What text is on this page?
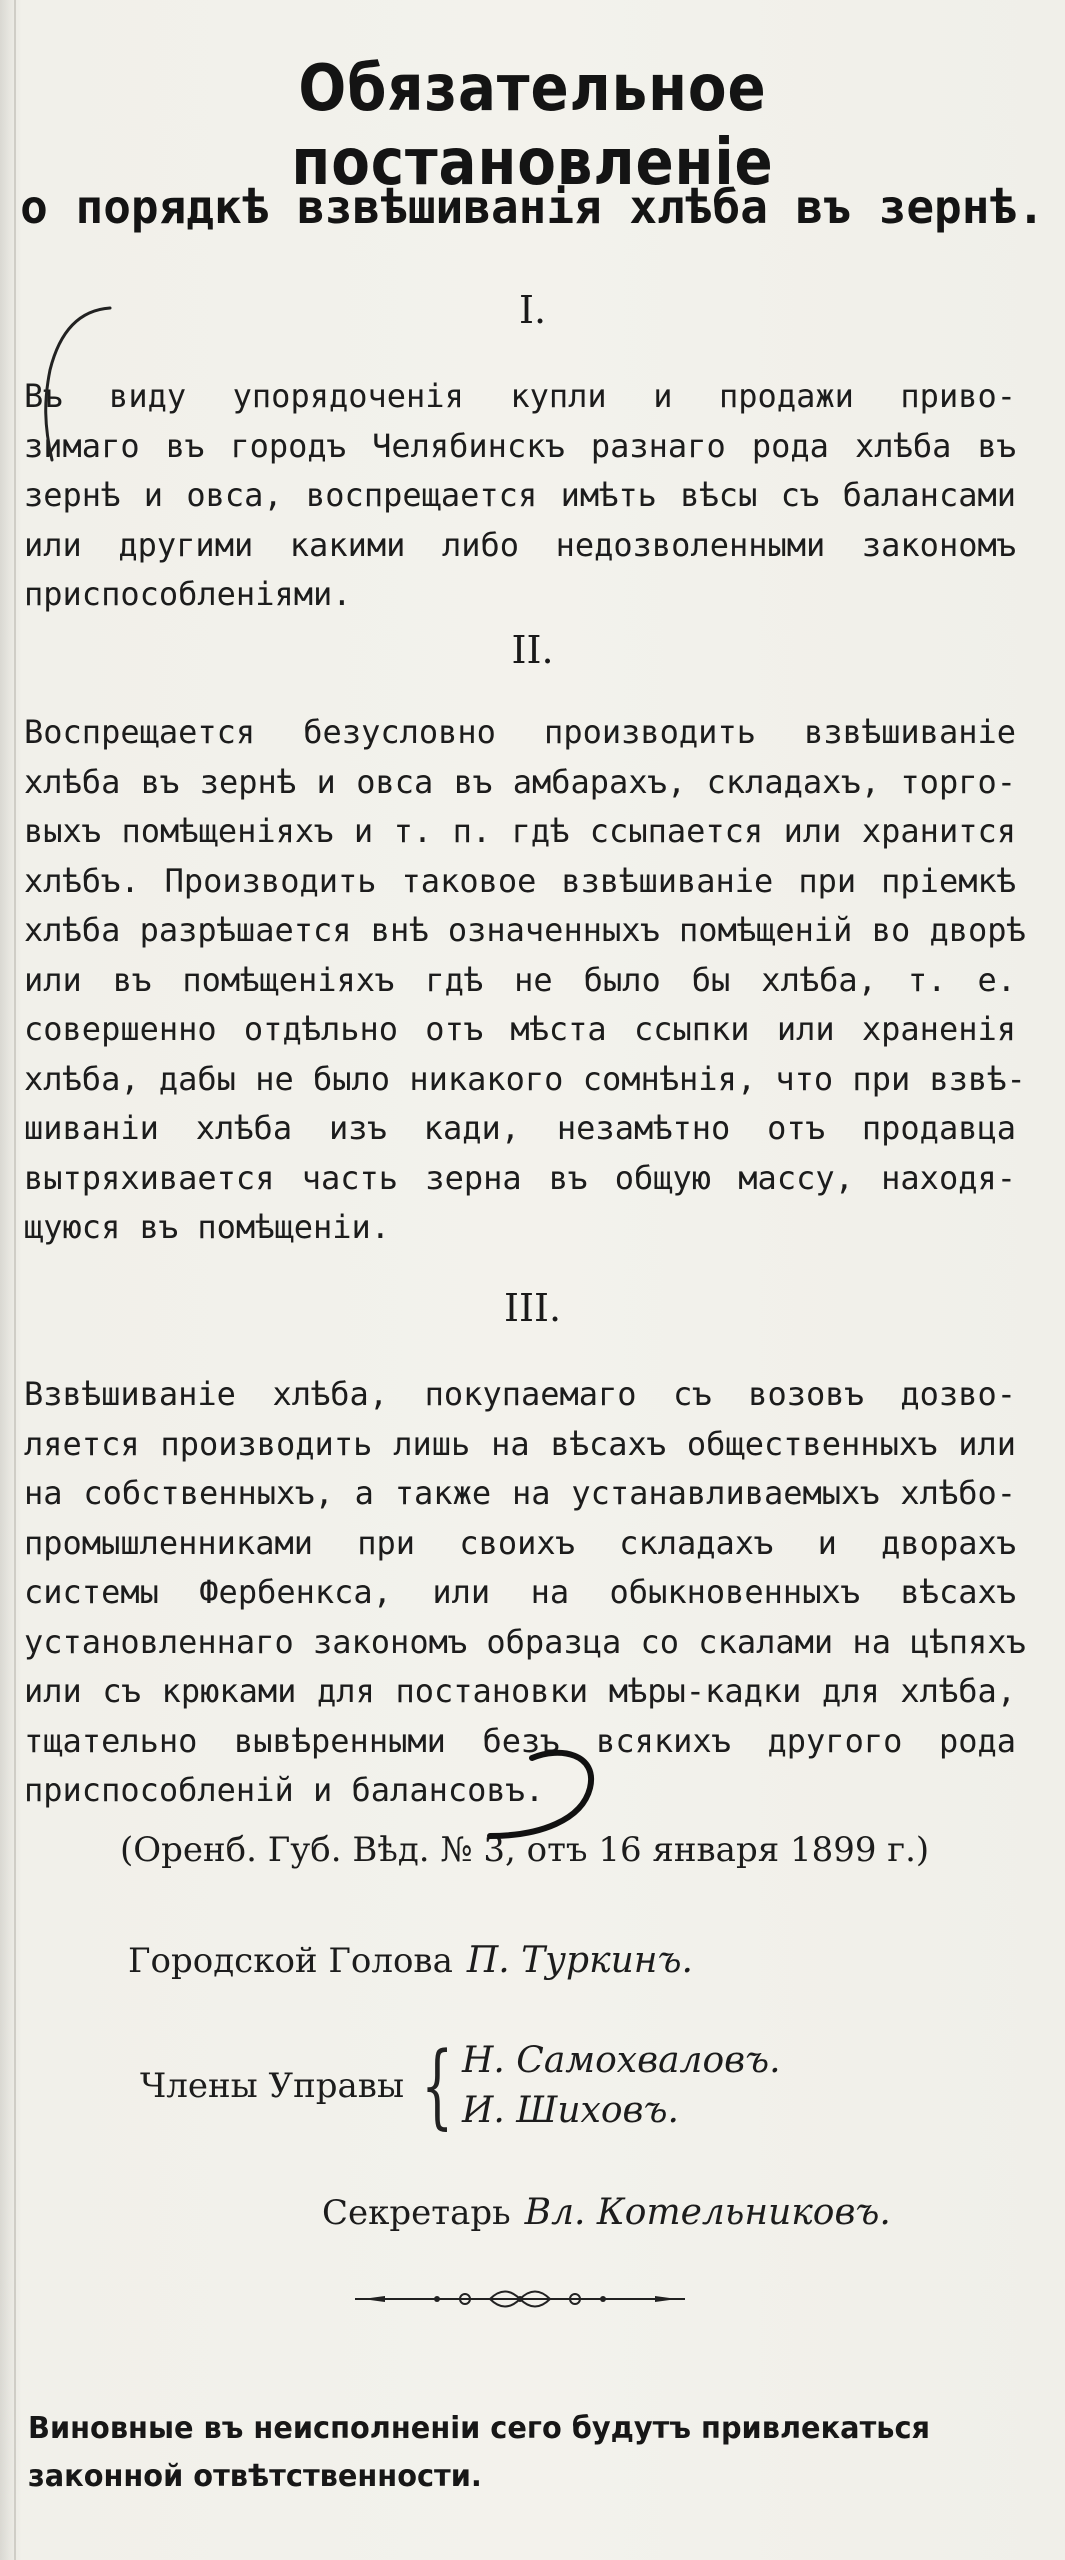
Обязательное постановленiе
о порядкѣ взвѣшиванiя хлѣба въ зернѣ.
I.
Въ виду упорядоченiя купли и продажи приво-
зимаго въ городъ Челябинскъ разнаго рода хлѣба въ
зернѣ и овса, воспрещается имѣть вѣсы съ балансами
или другими какими либо недозволенными закономъ
приспособленiями.
II.
Воспрещается безусловно производить взвѣшиванiе
хлѣба въ зернѣ и овса въ амбарахъ, складахъ, торго-
выхъ помѣщенiяхъ и т. п. гдѣ ссыпается или хранится
хлѣбъ. Производить таковое взвѣшиванiе при прiемкѣ
хлѣба разрѣшается внѣ означенныхъ помѣщенiй во дворѣ
или въ помѣщенiяхъ гдѣ не было бы хлѣба, т. е.
совершенно отдѣльно отъ мѣста ссыпки или храненiя
хлѣба, дабы не было никакого сомнѣнiя, что при взвѣ-
шиванiи хлѣба изъ кади, незамѣтно отъ продавца
вытряхивается часть зерна въ общую массу, находя-
щуюся въ помѣщенiи.
III.
Взвѣшиванiе хлѣба, покупаемаго съ возовъ дозво-
ляется производить лишь на вѣсахъ общественныхъ или
на собственныхъ, а также на устанавливаемыхъ хлѣбо-
промышленниками при своихъ складахъ и дворахъ
системы Фербенкса, или на обыкновенныхъ вѣсахъ
установленнаго закономъ образца со скалами на цѣпяхъ
или съ крюками для постановки мѣры-кадки для хлѣба,
тщательно вывѣренными безъ всякихъ другого рода
приспособленiй и балансовъ.
(Оренб. Губ. Вѣд. № 3, отъ 16 января 1899 г.)
Городской Голова П. Туркинъ.
Члены Управы { Н. Самохваловъ.
И. Шиховъ.
Секретарь Вл. Котельниковъ.
Виновные въ неисполненiи сего будутъ привлекаться
законной отвѣтственности.
